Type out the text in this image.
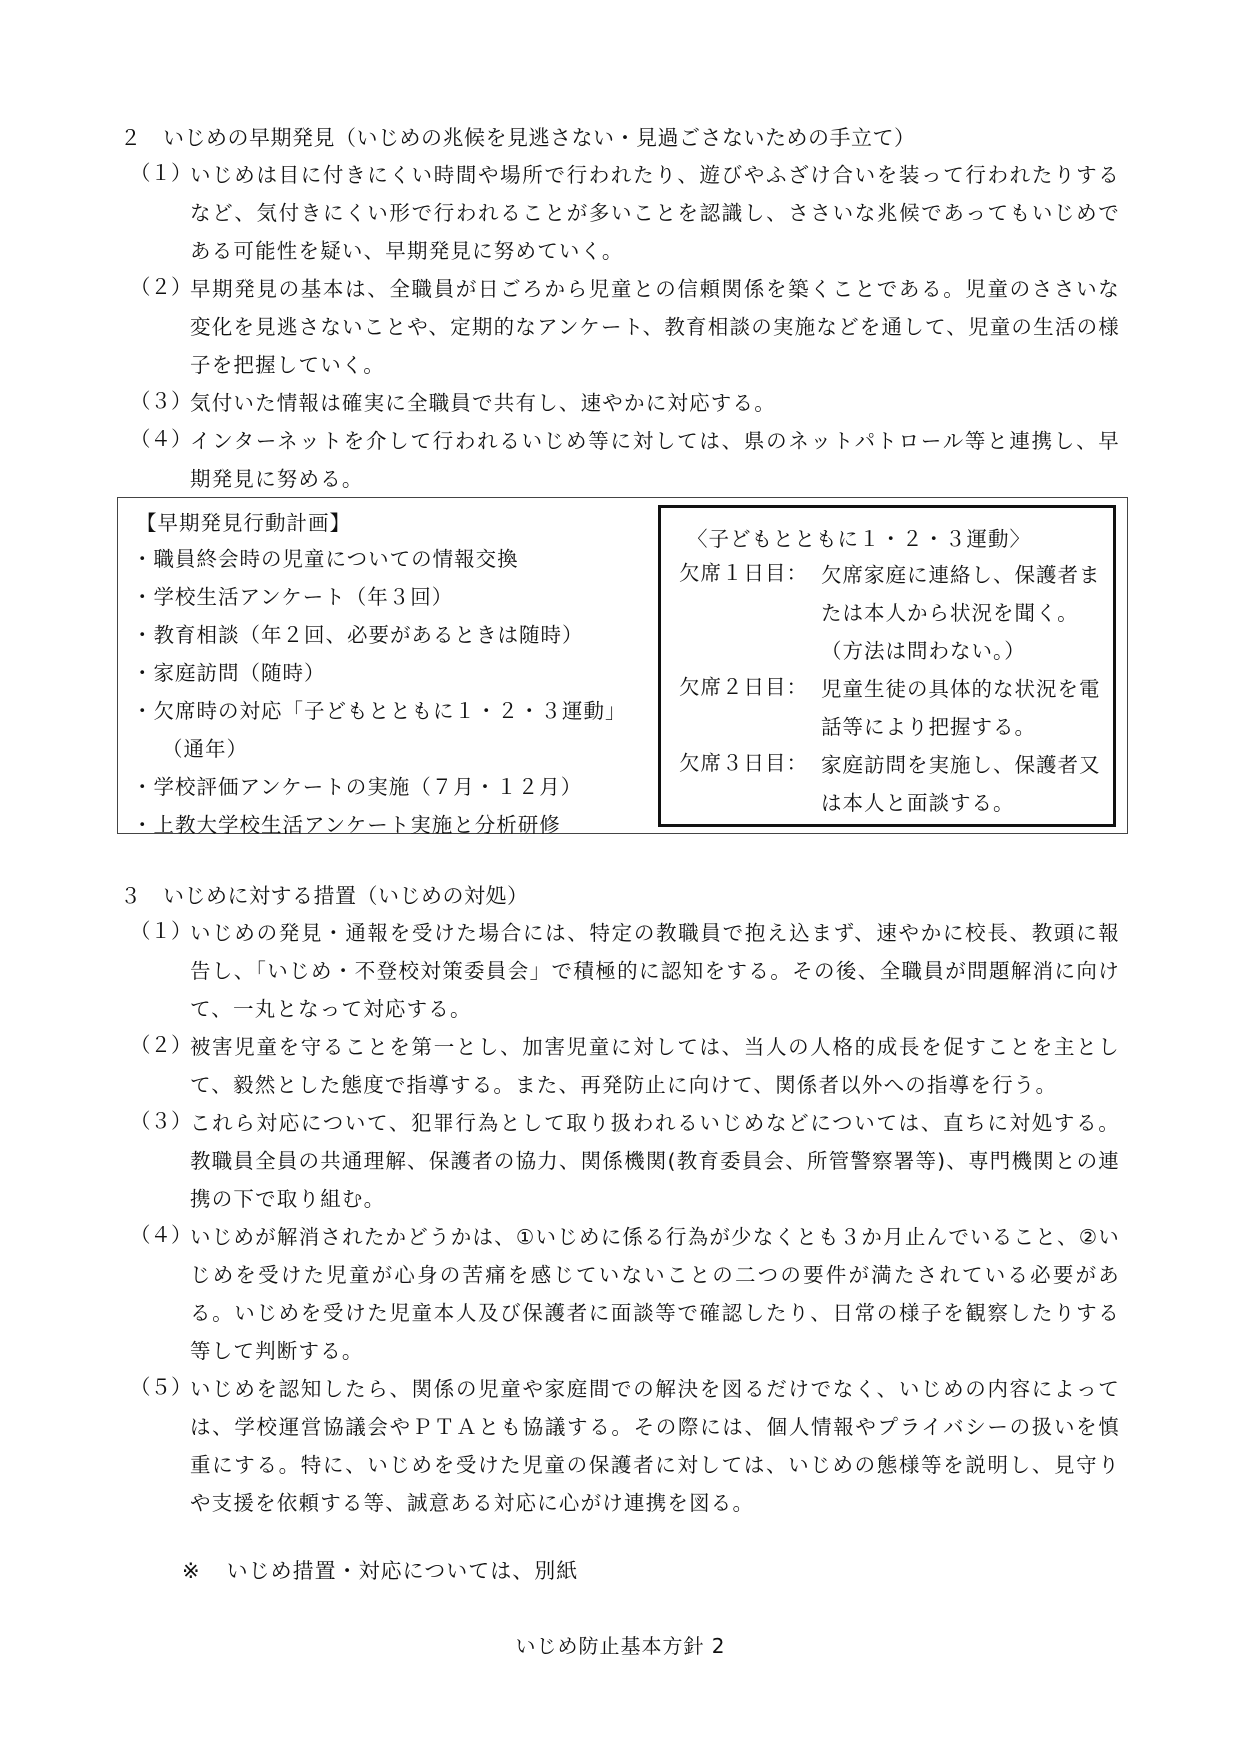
２　いじめの早期発見（いじめの兆候を見逃さない・見過ごさないための手立て）
（１）
いじめは目に付きにくい時間や場所で行われたり、遊びやふざけ合いを装って行われたりするなど、気付きにくい形で行われることが多いことを認識し、ささいな兆候であってもいじめである可能性を疑い、早期発見に努めていく。
（２）
早期発見の基本は、全職員が日ごろから児童との信頼関係を築くことである。児童のささいな変化を見逃さないことや、定期的なアンケート、教育相談の実施などを通して、児童の生活の様子を把握していく。
（３）
気付いた情報は確実に全職員で共有し、速やかに対応する。
（４）
インターネットを介して行われるいじめ等に対しては、県のネットパトロール等と連携し、早期発見に努める。
【早期発見行動計画】
・職員終会時の児童についての情報交換
・学校生活アンケート（年３回）
・教育相談（年２回、必要があるときは随時）
・家庭訪問（随時）
・欠席時の対応「子どもとともに１・２・３運動」
（通年）
・学校評価アンケートの実施（７月・１２月）
・上教大学校生活アンケート実施と分析研修
〈子どもとともに１・２・３運動〉
欠席１日目： 欠席家庭に連絡し、保護者または本人から状況を聞く。（方法は問わない。）
欠席２日目： 児童生徒の具体的な状況を電話等により把握する。
欠席３日目： 家庭訪問を実施し、保護者又は本人と面談する。
３　いじめに対する措置（いじめの対処）
（１）
いじめの発見・通報を受けた場合には、特定の教職員で抱え込まず、速やかに校長、教頭に報告し、「いじめ・不登校対策委員会」で積極的に認知をする。その後、全職員が問題解消に向けて、一丸となって対応する。
（２）
被害児童を守ることを第一とし、加害児童に対しては、当人の人格的成長を促すことを主として、毅然とした態度で指導する。また、再発防止に向けて、関係者以外への指導を行う。
（３）
これら対応について、犯罪行為として取り扱われるいじめなどについては、直ちに対処する。教職員全員の共通理解、保護者の協力、関係機関(教育委員会、所管警察署等)、専門機関との連携の下で取り組む。
（４）
いじめが解消されたかどうかは、①いじめに係る行為が少なくとも３か月止んでいること、②いじめを受けた児童が心身の苦痛を感じていないことの二つの要件が満たされている必要がある。いじめを受けた児童本人及び保護者に面談等で確認したり、日常の様子を観察したりする等して判断する。
（５）
いじめを認知したら、関係の児童や家庭間での解決を図るだけでなく、いじめの内容によっては、学校運営協議会やＰＴＡとも協議する。その際には、個人情報やプライバシーの扱いを慎重にする。特に、いじめを受けた児童の保護者に対しては、いじめの態様等を説明し、見守りや支援を依頼する等、誠意ある対応に心がけ連携を図る。
※ いじめ措置・対応については、別紙
いじめ防止基本方針 2
